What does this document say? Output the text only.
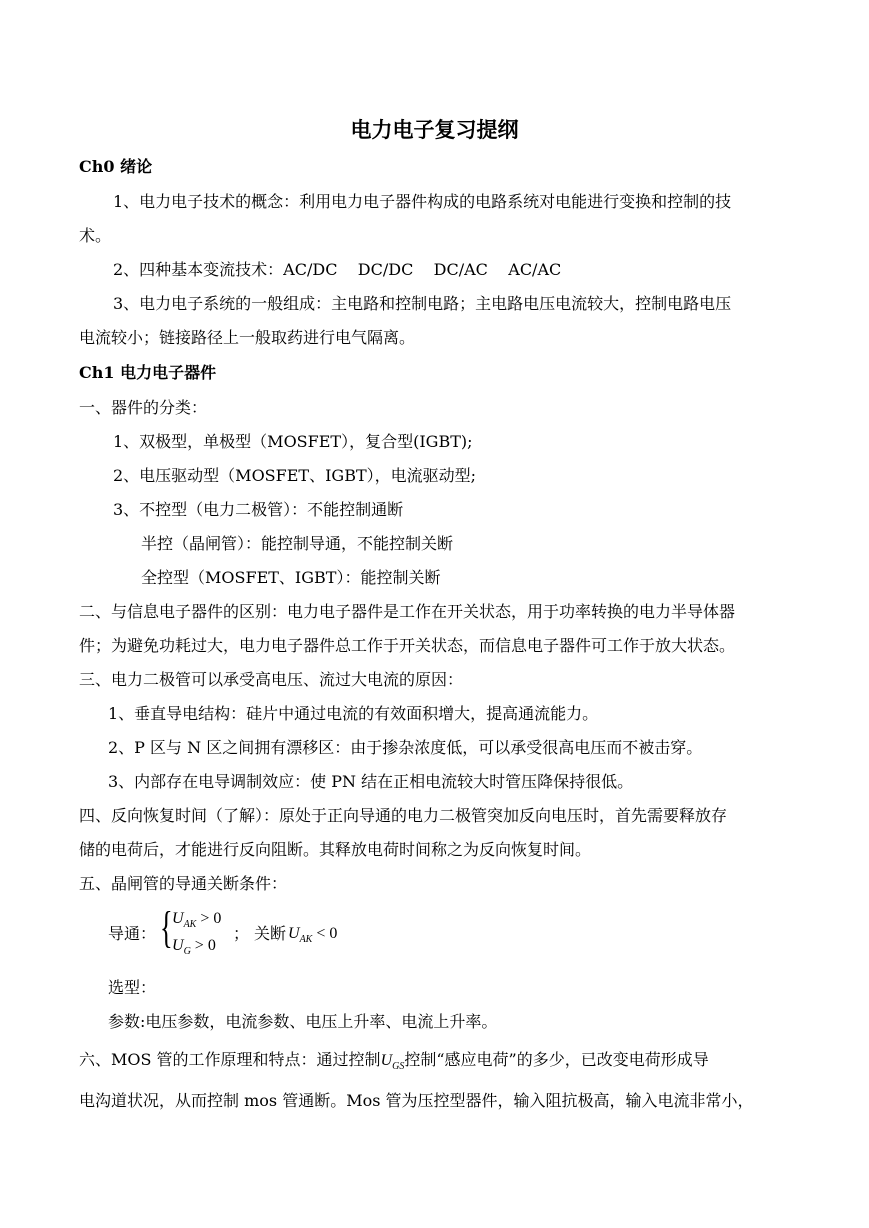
电力电子复习提纲
Ch0 绪论
1、电力电子技术的概念：利用电力电子器件构成的电路系统对电能进行变换和控制的技
术。
2、四种基本变流技术：AC/DC    DC/DC    DC/AC    AC/AC
3、电力电子系统的一般组成：主电路和控制电路；主电路电压电流较大，控制电路电压
电流较小；链接路径上一般取药进行电气隔离。
Ch1 电力电子器件
一、器件的分类：
1、双极型，单极型（MOSFET），复合型(IGBT);
2、电压驱动型（MOSFET、IGBT），电流驱动型;
3、不控型（电力二极管）：不能控制通断
半控（晶闸管）：能控制导通，不能控制关断
全控型（MOSFET、IGBT）：能控制关断
二、与信息电子器件的区别：电力电子器件是工作在开关状态，用于功率转换的电力半导体器
件；为避免功耗过大，电力电子器件总工作于开关状态，而信息电子器件可工作于放大状态。
三、电力二极管可以承受高电压、流过大电流的原因：
1、垂直导电结构：硅片中通过电流的有效面积增大，提高通流能力。
2、P 区与 N 区之间拥有漂移区：由于掺杂浓度低，可以承受很高电压而不被击穿。
3、内部存在电导调制效应：使 PN 结在正相电流较大时管压降保持很低。
四、反向恢复时间（了解）：原处于正向导通的电力二极管突加反向电压时，首先需要释放存
储的电荷后，才能进行反向阻断。其释放电荷时间称之为反向恢复时间。
五、晶闸管的导通关断条件：
导通： { $U_{AK} > 0$
$U_G > 0$
； 关断 $U_{AK} < 0$
选型：
参数:电压参数，电流参数、电压上升率、电流上升率。
六、MOS 管的工作原理和特点：通过控制$U_{GS}$控制“感应电荷”的多少，已改变电荷形成导
电沟道状况，从而控制 mos 管通断。Mos 管为压控型器件，输入阻抗极高，输入电流非常小，
